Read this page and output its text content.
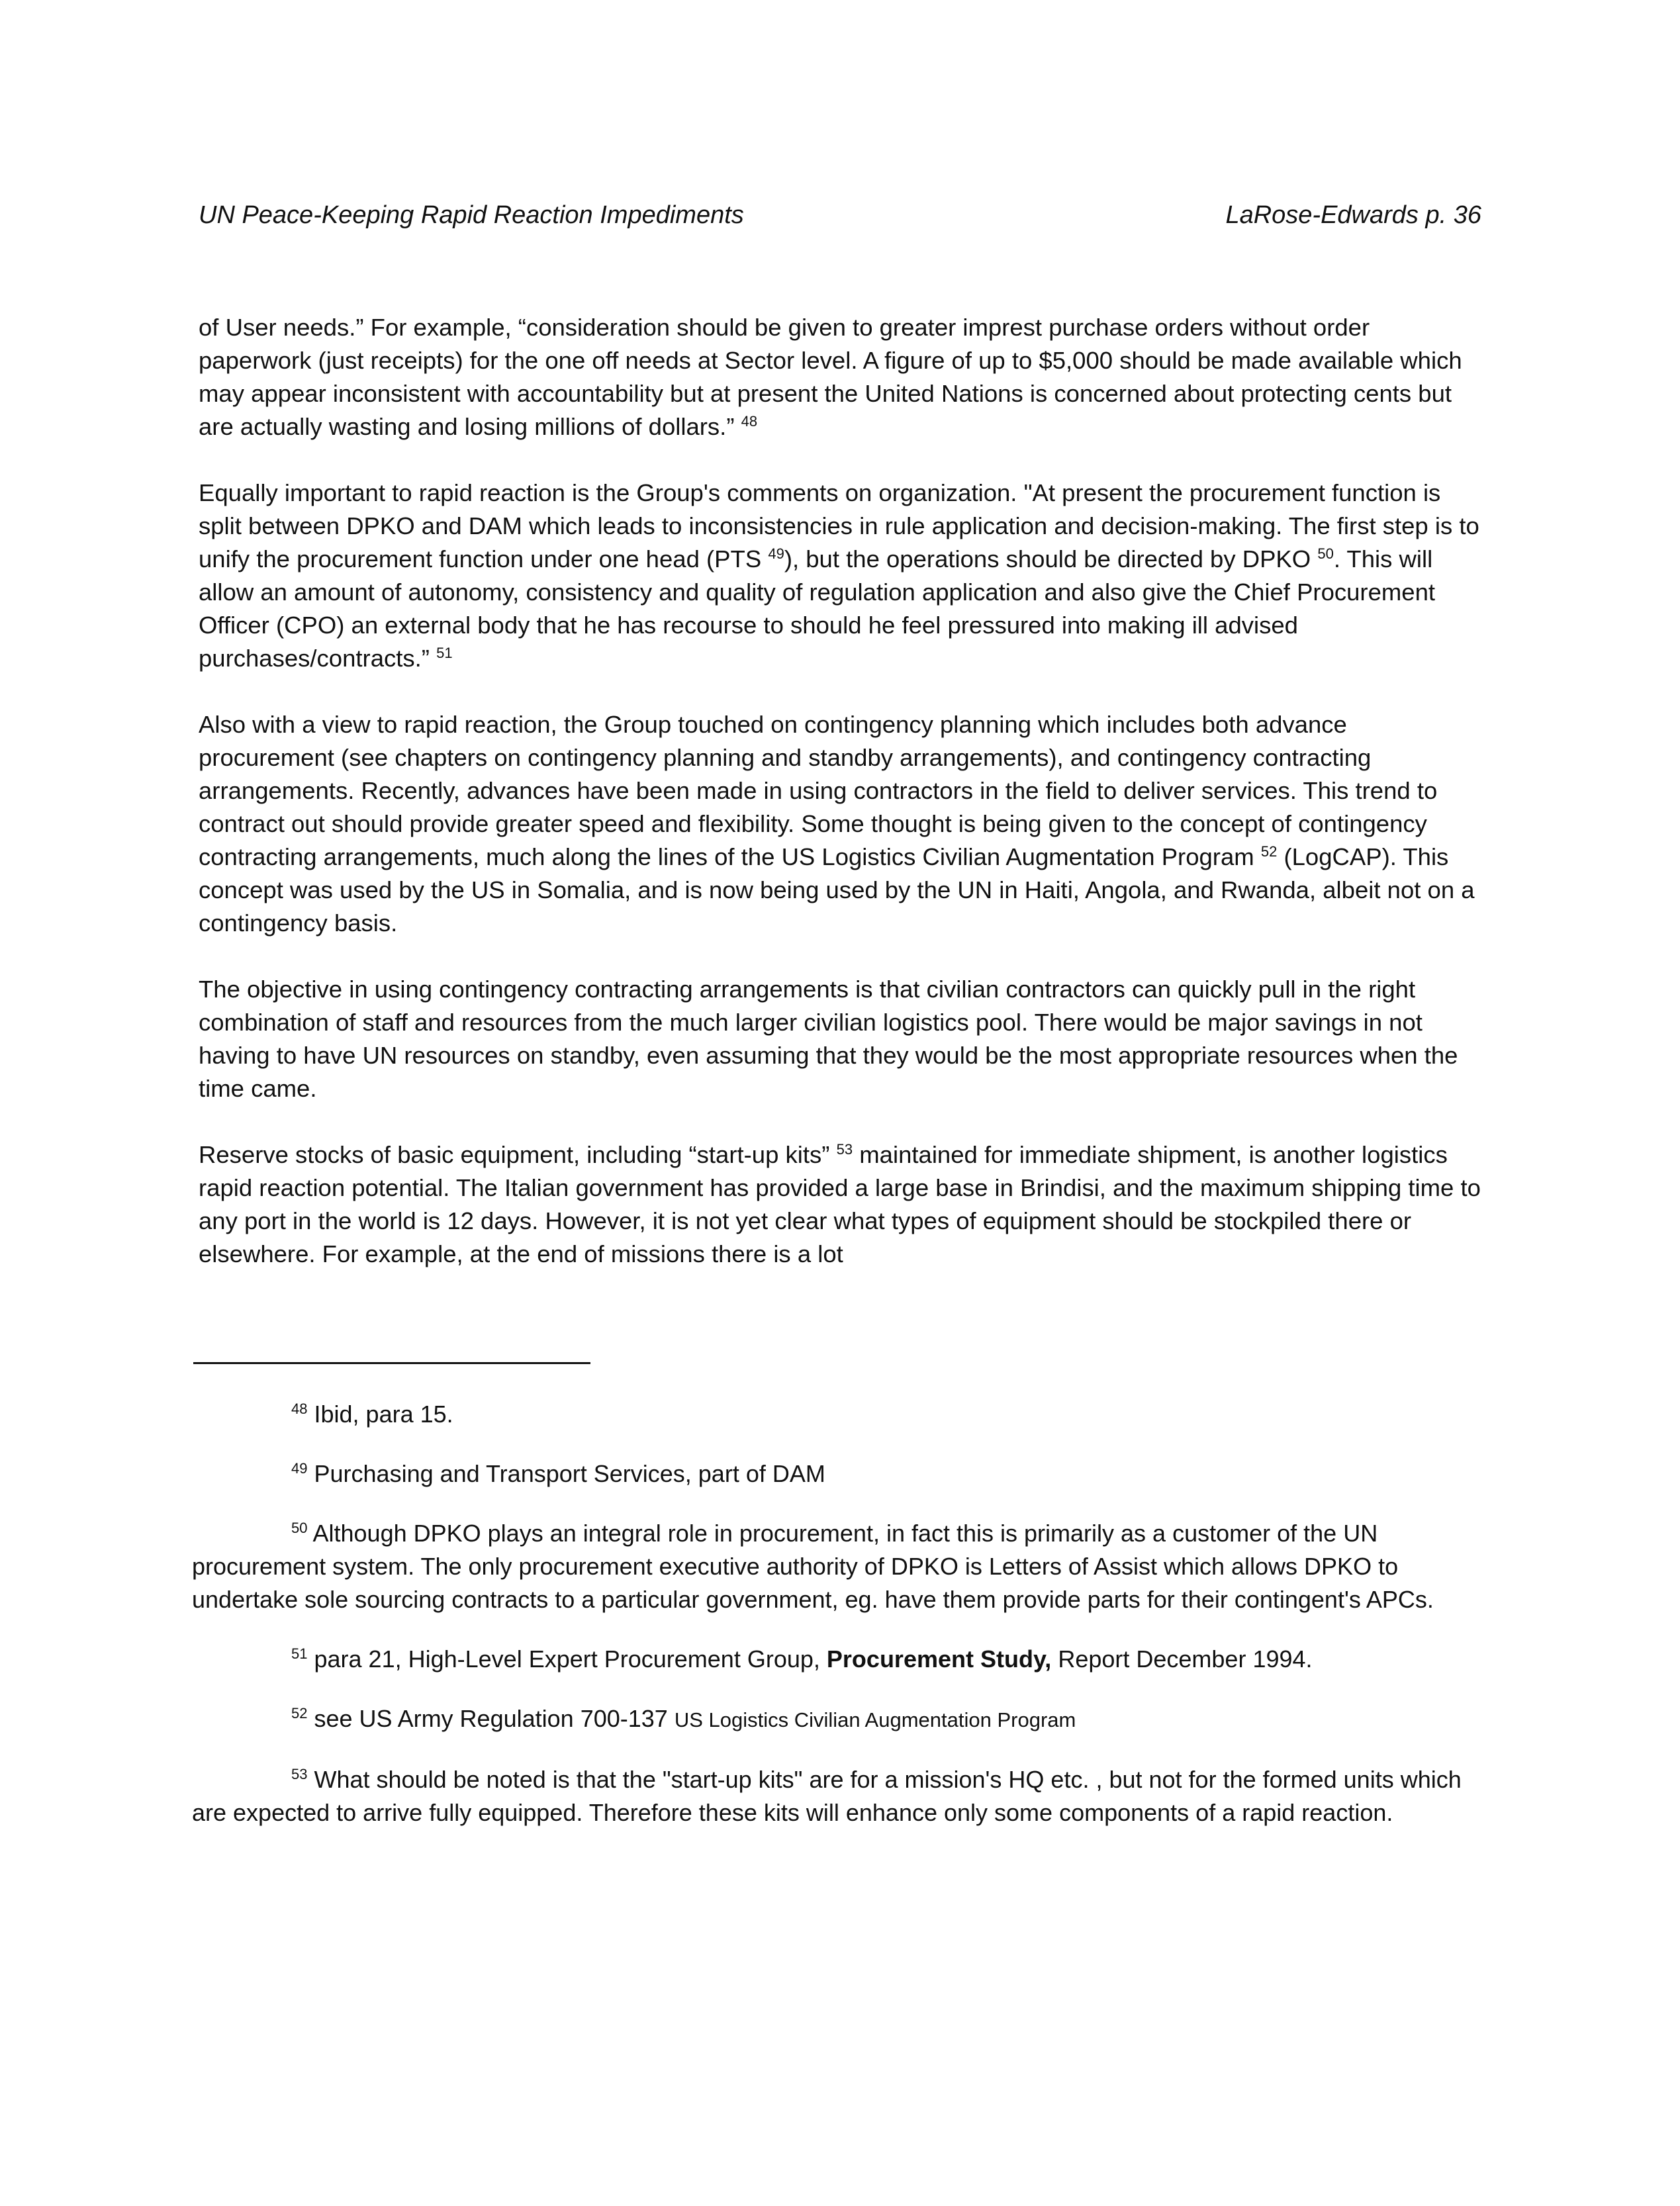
UN Peace-Keeping Rapid Reaction Impediments	LaRose-Edwards p. 36

of User needs.” For example, “consideration should be given to greater imprest purchase orders without order paperwork (just receipts) for the one off needs at Sector level. A figure of up to $5,000 should be made available which may appear inconsistent with accountability but at present the United Nations is concerned about protecting cents but are actually wasting and losing millions of dollars.” $^{48}$

Equally important to rapid reaction is the Group's comments on organization. "At present the procurement function is split between DPKO and DAM which leads to inconsistencies in rule application and decision-making. The first step is to unify the procurement function under one head (PTS $^{49}$), but the operations should be directed by DPKO $^{50}$. This will allow an amount of autonomy, consistency and quality of regulation application and also give the Chief Procurement Officer (CPO) an external body that he has recourse to should he feel pressured into making ill advised purchases/contracts.” $^{51}$

Also with a view to rapid reaction, the Group touched on contingency planning which includes both advance procurement (see chapters on contingency planning and standby arrangements), and contingency contracting arrangements. Recently, advances have been made in using contractors in the field to deliver services. This trend to contract out should provide greater speed and flexibility. Some thought is being given to the concept of contingency contracting arrangements, much along the lines of the US Logistics Civilian Augmentation Program $^{52}$ (LogCAP). This concept was used by the US in Somalia, and is now being used by the UN in Haiti, Angola, and Rwanda, albeit not on a contingency basis.

The objective in using contingency contracting arrangements is that civilian contractors can quickly pull in the right combination of staff and resources from the much larger civilian logistics pool. There would be major savings in not having to have UN resources on standby, even assuming that they would be the most appropriate resources when the time came.

Reserve stocks of basic equipment, including “start-up kits” $^{53}$ maintained for immediate shipment, is another logistics rapid reaction potential. The Italian government has provided a large base in Brindisi, and the maximum shipping time to any port in the world is 12 days. However, it is not yet clear what types of equipment should be stockpiled there or elsewhere. For example, at the end of missions there is a lot

$^{48}$ Ibid, para 15.

$^{49}$ Purchasing and Transport Services, part of DAM

$^{50}$ Although DPKO plays an integral role in procurement, in fact this is primarily as a customer of the UN procurement system. The only procurement executive authority of DPKO is Letters of Assist which allows DPKO to undertake sole sourcing contracts to a particular government, eg. have them provide parts for their contingent's APCs.

$^{51}$ para 21, High-Level Expert Procurement Group, Procurement Study, Report December 1994.

$^{52}$ see US Army Regulation 700-137 US Logistics Civilian Augmentation Program

$^{53}$ What should be noted is that the "start-up kits" are for a mission's HQ etc. , but not for the formed units which are expected to arrive fully equipped. Therefore these kits will enhance only some components of a rapid reaction.
